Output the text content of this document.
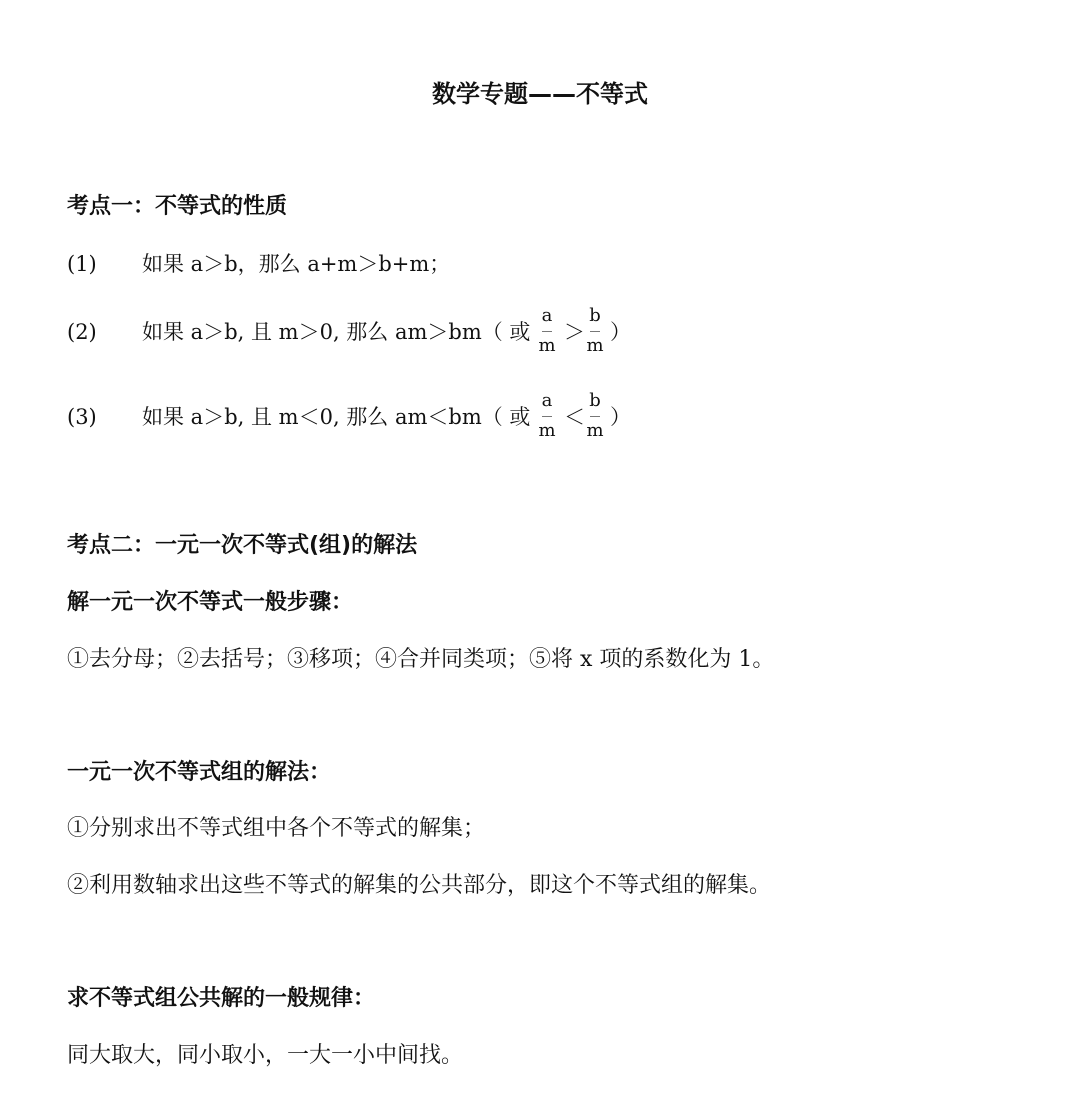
数学专题——不等式
考点一：不等式的性质
(1) 如果 a＞b，那么 a+m＞b+m；
(2) 如果 a＞b, 且 m＞0, 那么 am＞bm（ 或
a
m
＞
b
m
）
(3) 如果 a＞b, 且 m＜0, 那么 am＜bm（ 或
a
m
＜
b
m
）
考点二：一元一次不等式(组)的解法
解一元一次不等式一般步骤：
①去分母；②去括号；③移项；④合并同类项；⑤将 x 项的系数化为 1。
一元一次不等式组的解法：
①分别求出不等式组中各个不等式的解集；
②利用数轴求出这些不等式的解集的公共部分，即这个不等式组的解集。
求不等式组公共解的一般规律：
同大取大，同小取小，一大一小中间找。
